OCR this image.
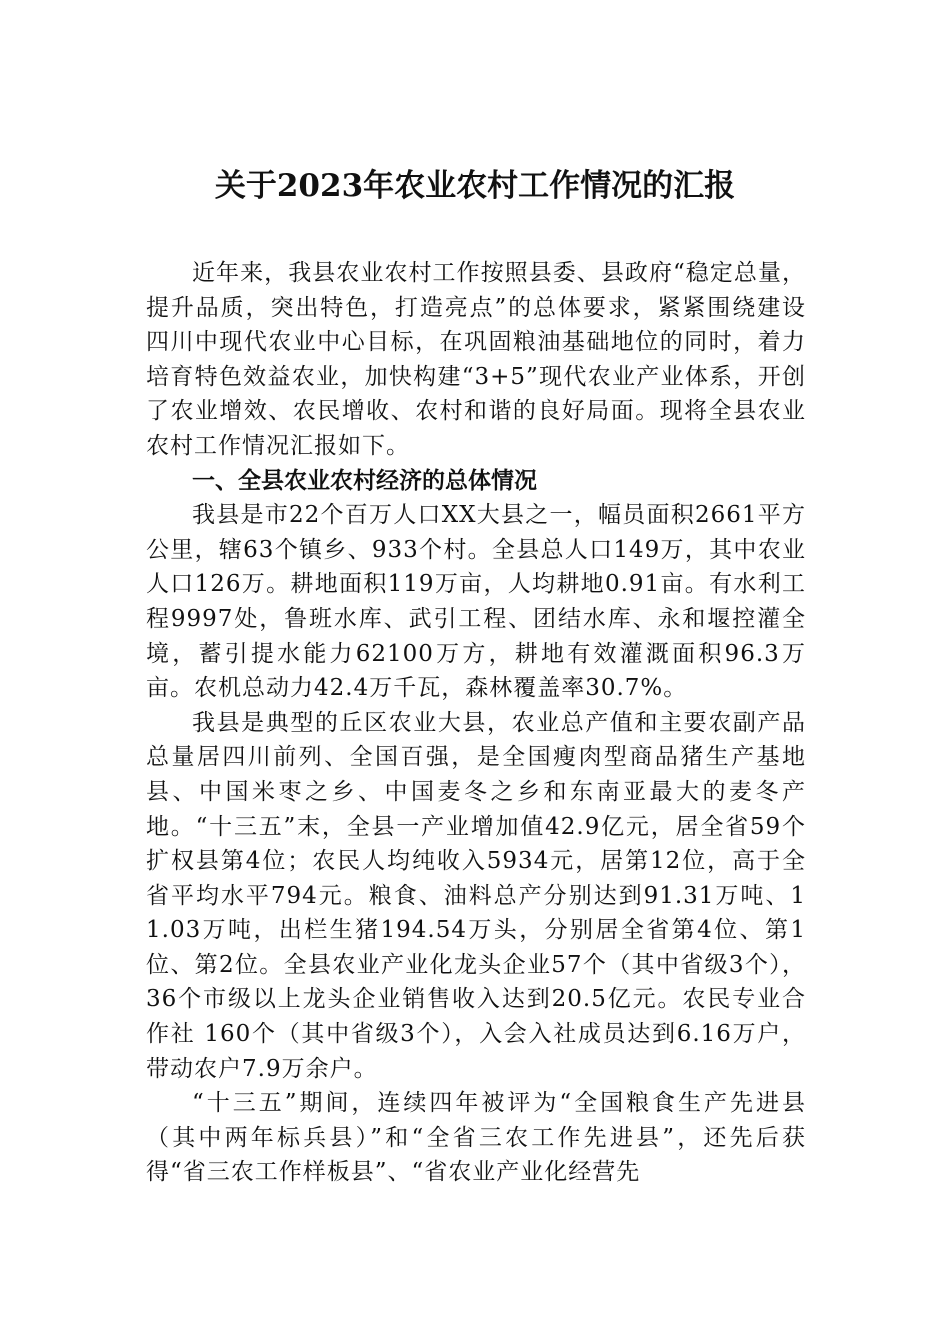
关于2023年农业农村工作情况的汇报

近年来，我县农业农村工作按照县委、县政府“稳定总量，提升品质，突出特色，打造亮点”的总体要求，紧紧围绕建设四川中现代农业中心目标，在巩固粮油基础地位的同时，着力培育特色效益农业，加快构建“3+5”现代农业产业体系，开创了农业增效、农民增收、农村和谐的良好局面。现将全县农业农村工作情况汇报如下。

一、全县农业农村经济的总体情况

我县是市22个百万人口XX大县之一，幅员面积2661平方公里，辖63个镇乡、933个村。全县总人口149万，其中农业人口126万。耕地面积119万亩，人均耕地0.91亩。有水利工程9997处，鲁班水库、武引工程、团结水库、永和堰控灌全境，蓄引提水能力62100万方，耕地有效灌溉面积96.3万亩。农机总动力42.4万千瓦，森林覆盖率30.7%。

我县是典型的丘区农业大县，农业总产值和主要农副产品总量居四川前列、全国百强，是全国瘦肉型商品猪生产基地县、中国米枣之乡、中国麦冬之乡和东南亚最大的麦冬产地。“十三五”末，全县一产业增加值42.9亿元，居全省59个扩权县第4位；农民人均纯收入5934元，居第12位，高于全省平均水平794元。粮食、油料总产分别达到91.31万吨、11.03万吨，出栏生猪194.54万头，分别居全省第4位、第1位、第2位。全县农业产业化龙头企业57个（其中省级3个），36个市级以上龙头企业销售收入达到20.5亿元。农民专业合作社 160个（其中省级3个），入会入社成员达到6.16万户，带动农户7.9万余户。

“十三五”期间，连续四年被评为“全国粮食生产先进县（其中两年标兵县）”和“全省三农工作先进县”，还先后获得“省三农工作样板县”、“省农业产业化经营先
